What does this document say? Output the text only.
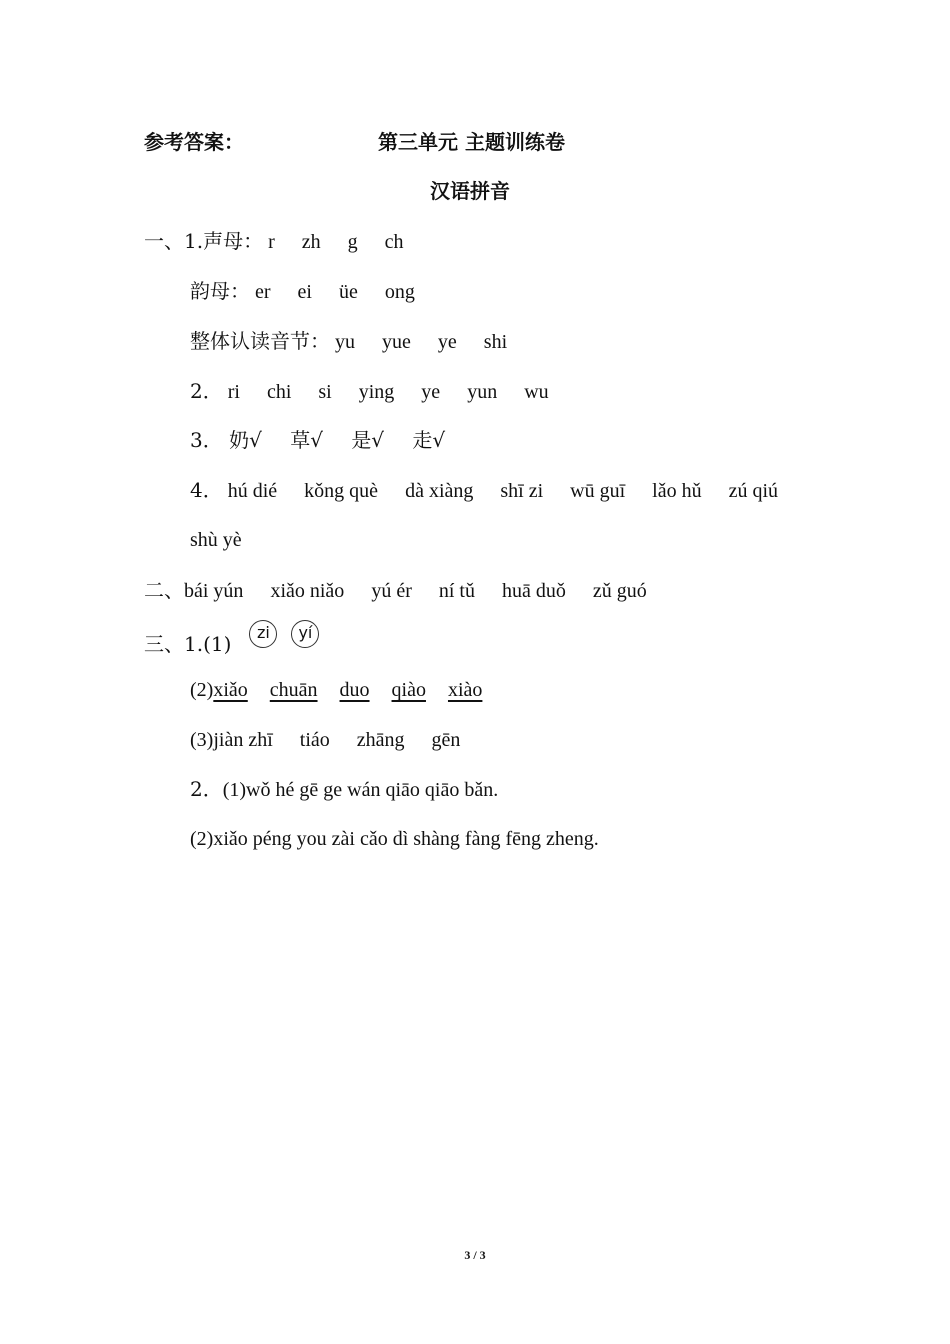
参考答案：	第三单元 主题训练卷
汉语拼音
一、1.声母： r zh g ch
韵母： er ei üe ong
整体认读音节： yu yue ye shi
2． ri chi si ying ye yun wu
3． 奶√ 草√ 是√ 走√
4． hú dié kǒng què dà xiàng shī zi wū guī lǎo hǔ zú qiú
shù yè
二、bái yún xiǎo niǎo yú ér ní tǔ huā duǒ zǔ guó
三、1.(1) zi yí
(2)xiǎo chuān duo qiào xiào
(3)jiàn zhī tiáo zhāng gēn
2．(1)wǒ hé gē ge wán qiāo qiāo bǎn.
(2)xiǎo péng you zài cǎo dì shàng fàng fēng zheng.
3 / 3
